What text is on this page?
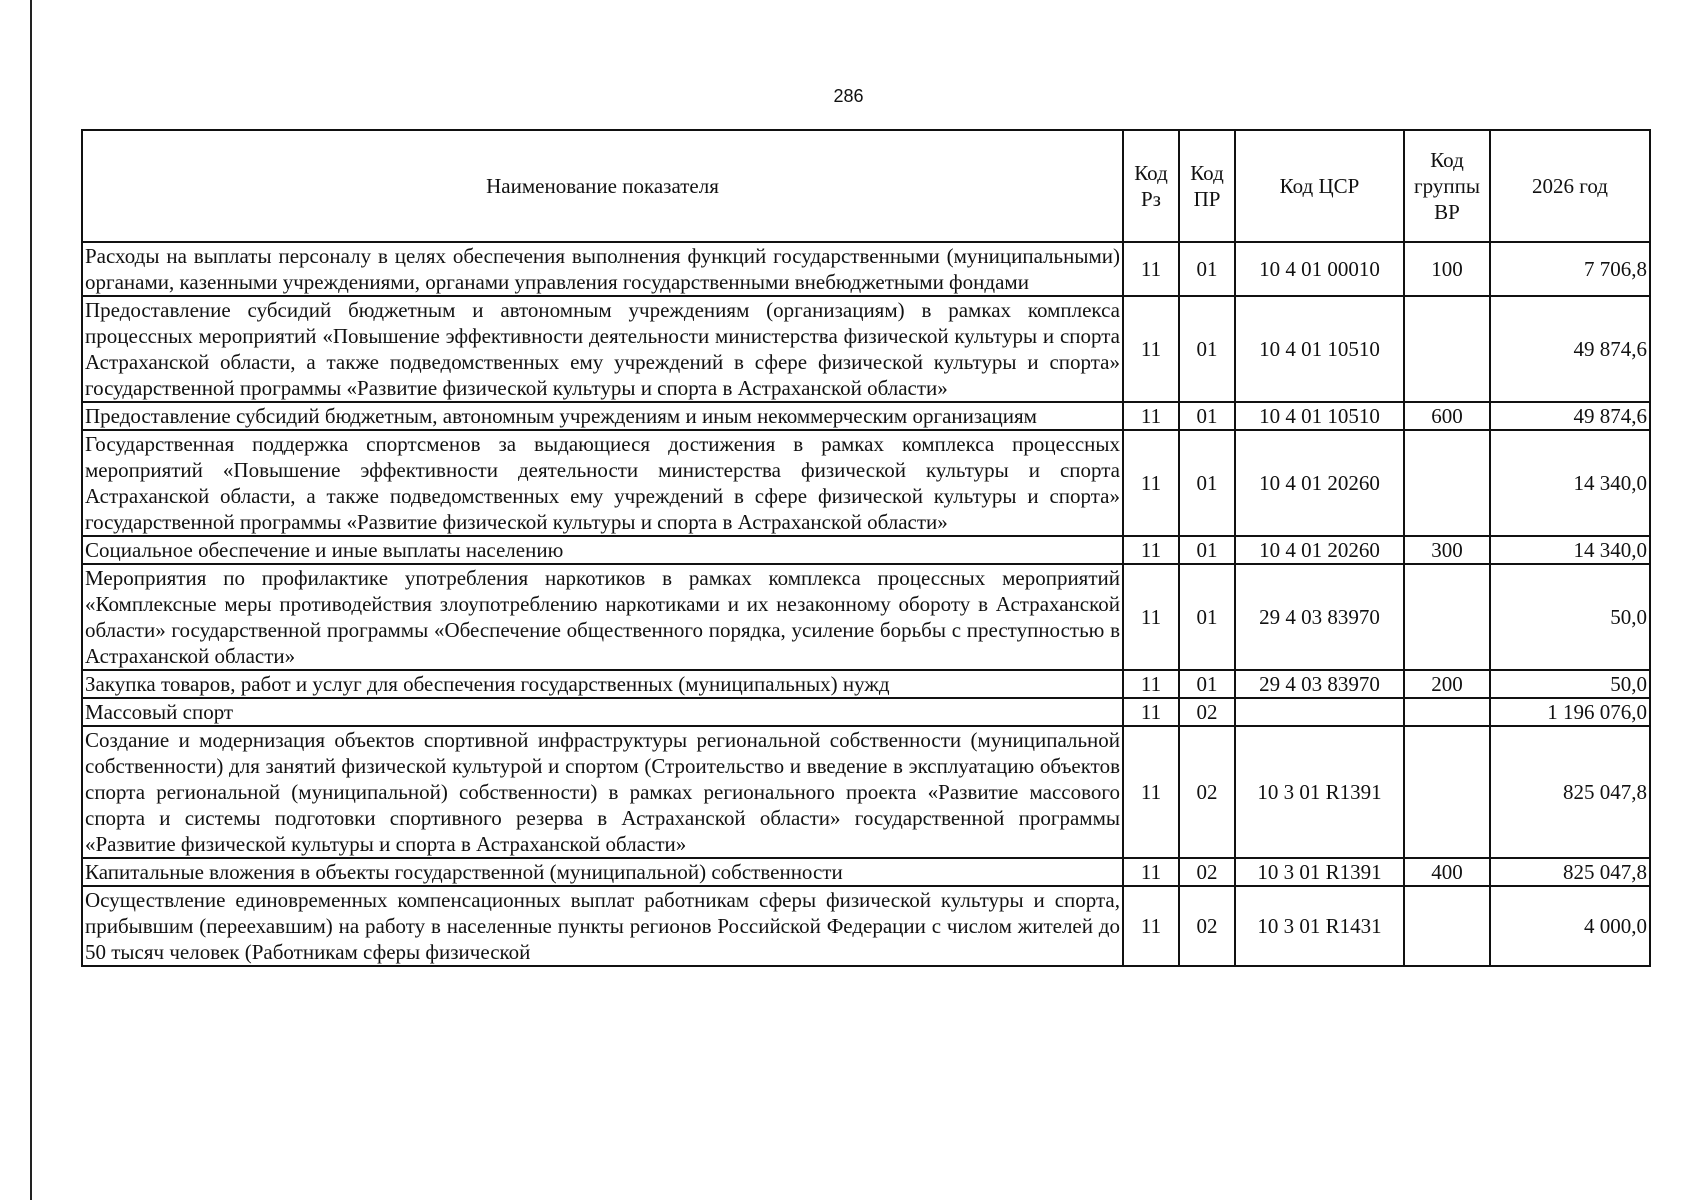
286
Наименование показателя	Код Рз	Код ПР	Код ЦСР	Код группы ВР	2026 год
Расходы на выплаты персоналу в целях обеспечения выполнения функций государственными (муниципальными) органами, казенными учреждениями, органами управления государственными внебюджетными фондами	11	01	10 4 01 00010	100	7 706,8
Предоставление субсидий бюджетным и автономным учреждениям (организациям) в рамках комплекса процессных мероприятий «Повышение эффективности деятельности министерства физической культуры и спорта Астраханской области, а также подведомственных ему учреждений в сфере физической культуры и спорта» государственной программы «Развитие физической культуры и спорта в Астраханской области»	11	01	10 4 01 10510		49 874,6
Предоставление субсидий бюджетным, автономным учреждениям и иным некоммерческим организациям	11	01	10 4 01 10510	600	49 874,6
Государственная поддержка спортсменов за выдающиеся достижения в рамках комплекса процессных мероприятий «Повышение эффективности деятельности министерства физической культуры и спорта Астраханской области, а также подведомственных ему учреждений в сфере физической культуры и спорта» государственной программы «Развитие физической культуры и спорта в Астраханской области»	11	01	10 4 01 20260		14 340,0
Социальное обеспечение и иные выплаты населению	11	01	10 4 01 20260	300	14 340,0
Мероприятия по профилактике употребления наркотиков в рамках комплекса процессных мероприятий «Комплексные меры противодействия злоупотреблению наркотиками и их незаконному обороту в Астраханской области» государственной программы «Обеспечение общественного порядка, усиление борьбы с преступностью в Астраханской области»	11	01	29 4 03 83970		50,0
Закупка товаров, работ и услуг для обеспечения государственных (муниципальных) нужд	11	01	29 4 03 83970	200	50,0
Массовый спорт	11	02			1 196 076,0
Создание и модернизация объектов спортивной инфраструктуры региональной собственности (муниципальной собственности) для занятий физической культурой и спортом (Строительство и введение в эксплуатацию объектов спорта региональной (муниципальной) собственности) в рамках регионального проекта «Развитие массового спорта и системы подготовки спортивного резерва в Астраханской области» государственной программы «Развитие физической культуры и спорта в Астраханской области»	11	02	10 3 01 R1391		825 047,8
Капитальные вложения в объекты государственной (муниципальной) собственности	11	02	10 3 01 R1391	400	825 047,8
Осуществление единовременных компенсационных выплат работникам сферы физической культуры и спорта, прибывшим (переехавшим) на работу в населенные пункты регионов Российской Федерации с числом жителей до 50 тысяч человек (Работникам сферы физической	11	02	10 3 01 R1431		4 000,0
